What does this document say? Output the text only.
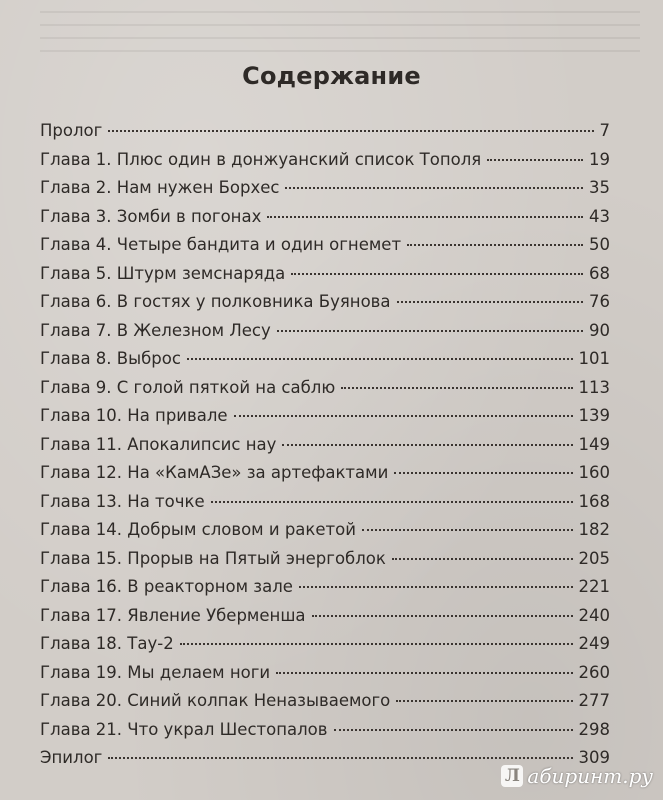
Содержание
Пролог	7
Глава 1. Плюс один в донжуанский список Тополя	19
Глава 2. Нам нужен Борхес	35
Глава 3. Зомби в погонах	43
Глава 4. Четыре бандита и один огнемет	50
Глава 5. Штурм земснаряда	68
Глава 6. В гостях у полковника Буянова	76
Глава 7. В Железном Лесу	90
Глава 8. Выброс	101
Глава 9. С голой пяткой на саблю	113
Глава 10. На привале	139
Глава 11. Апокалипсис нау	149
Глава 12. На «КамАЗе» за артефактами	160
Глава 13. На точке	168
Глава 14. Добрым словом и ракетой	182
Глава 15. Прорыв на Пятый энергоблок	205
Глава 16. В реакторном зале	221
Глава 17. Явление Уберменша	240
Глава 18. Тау-2	249
Глава 19. Мы делаем ноги	260
Глава 20. Синий колпак Неназываемого	277
Глава 21. Что украл Шестопалов	298
Эпилог	309
Л абиринт.ру
